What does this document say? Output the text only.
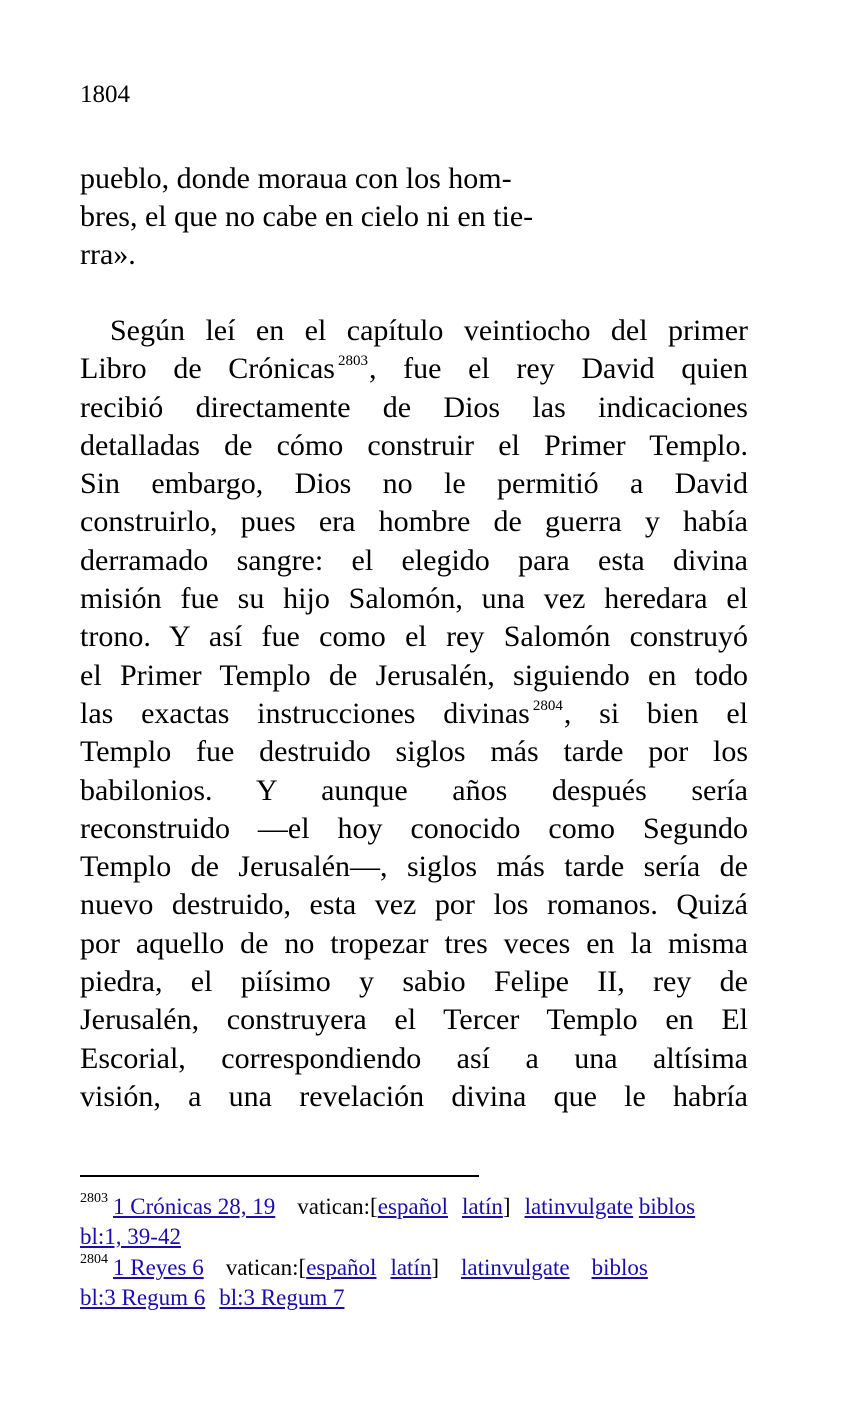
1804
pueblo, donde moraua con los hom-
bres, el que no cabe en cielo ni en tie-
rra».
Según leí en el capítulo veintiocho del primer
Libro de Crónicas $^{2803}$, fue el rey David quien
recibió directamente de Dios las indicaciones
detalladas de cómo construir el Primer Templo.
Sin embargo, Dios no le permitió a David
construirlo, pues era hombre de guerra y había
derramado sangre: el elegido para esta divina
misión fue su hijo Salomón, una vez heredara el
trono. Y así fue como el rey Salomón construyó
el Primer Templo de Jerusalén, siguiendo en todo
las exactas instrucciones divinas $^{2804}$, si bien el
Templo fue destruido siglos más tarde por los
babilonios. Y aunque años después sería
reconstruido —el hoy conocido como Segundo
Templo de Jerusalén—, siglos más tarde sería de
nuevo destruido, esta vez por los romanos. Quizá
por aquello de no tropezar tres veces en la misma
piedra, el piísimo y sabio Felipe II, rey de
Jerusalén, construyera el Tercer Templo en El
Escorial, correspondiendo así a una altísima
visión, a una revelación divina que le habría
$^{2803}$ 1 Crónicas 28, 19 vatican:[español latín] latinvulgate biblos
bl:1, 39-42
$^{2804}$ 1 Reyes 6 vatican:[español latín] latinvulgate biblos
bl:3 Regum 6 bl:3 Regum 7
